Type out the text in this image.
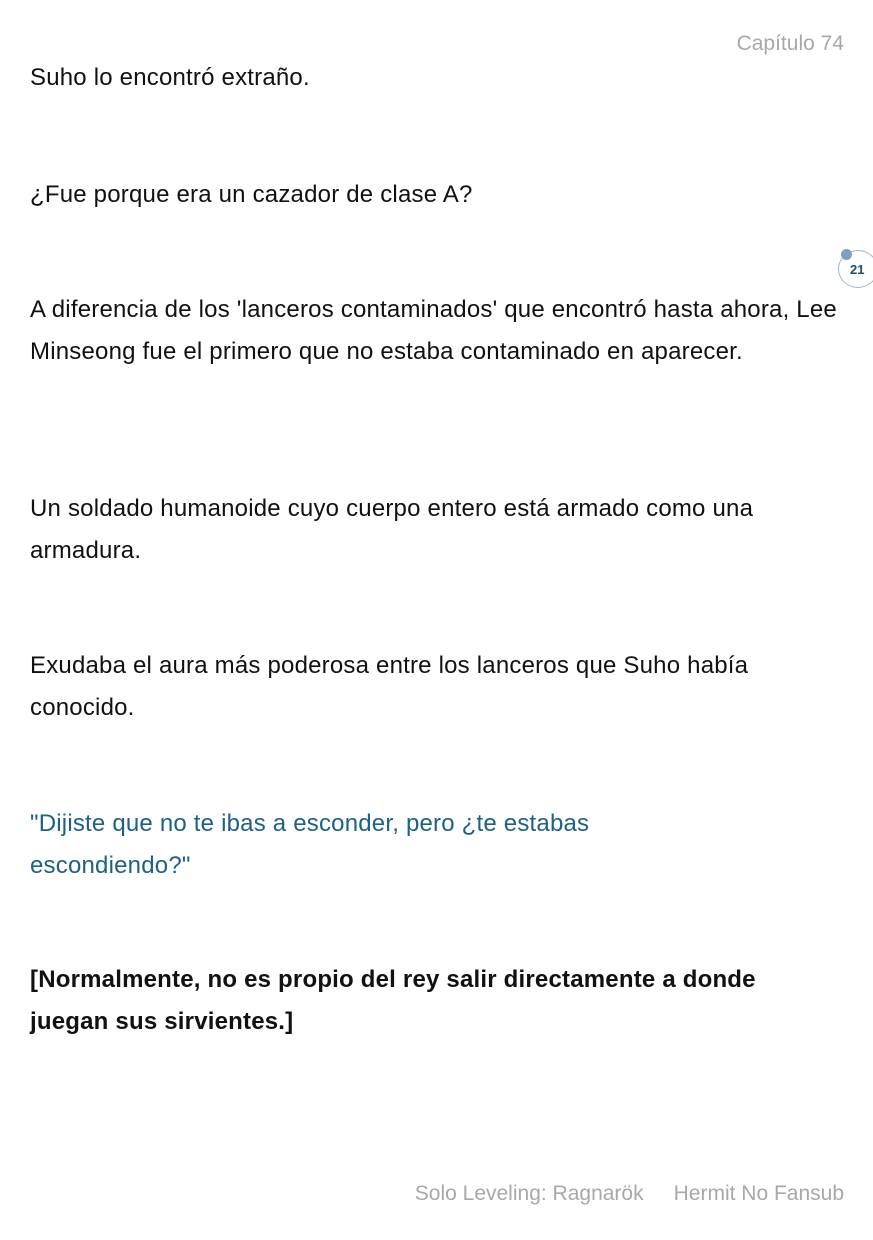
Capítulo 74

Suho lo encontró extraño.

¿Fue porque era un cazador de clase A?

A diferencia de los 'lanceros contaminados' que encontró hasta ahora, Lee Minseong fue el primero que no estaba contaminado en aparecer.

Un soldado humanoide cuyo cuerpo entero está armado como una armadura.

Exudaba el aura más poderosa entre los lanceros que Suho había conocido.

"Dijiste que no te ibas a esconder, pero ¿te estabas escondiendo?"

[Normalmente, no es propio del rey salir directamente a donde juegan sus sirvientes.]

21
Solo Leveling: Ragnarök Hermit No Fansub
